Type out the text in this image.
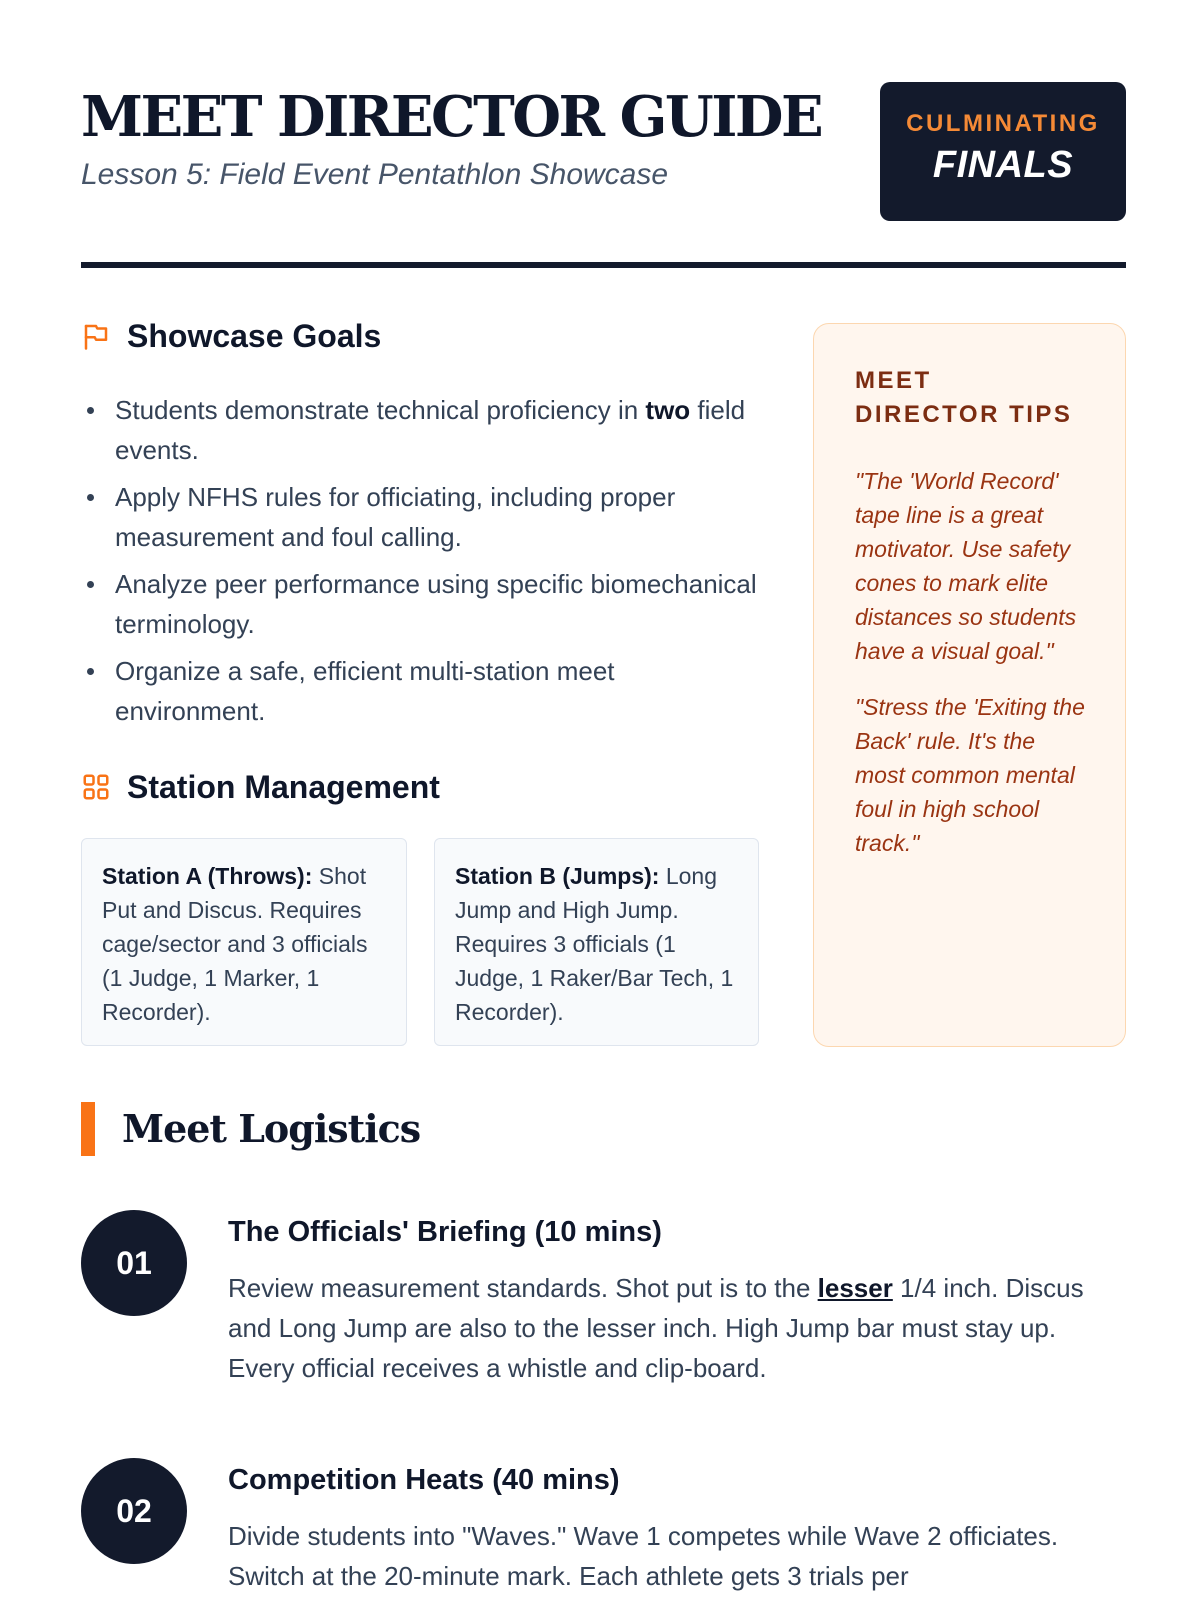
MEET DIRECTOR GUIDE

Lesson 5: Field Event Pentathlon Showcase

CULMINATING
FINALS
Showcase Goals
Students demonstrate technical proficiency in two field events.
Apply NFHS rules for officiating, including proper measurement and foul calling.
Analyze peer performance using specific biomechanical terminology.
Organize a safe, efficient multi-station meet environment.
Station Management
Station A (Throws): Shot Put and Discus. Requires cage/sector and 3 officials (1 Judge, 1 Marker, 1 Recorder).
Station B (Jumps): Long Jump and High Jump. Requires 3 officials (1 Judge, 1 Raker/Bar Tech, 1 Recorder).
MEET DIRECTOR TIPS

"The 'World Record' tape line is a great motivator. Use safety cones to mark elite distances so students have a visual goal."

"Stress the 'Exiting the Back' rule. It's the most common mental foul in high school track."

Meet Logistics
01
The Officials' Briefing (10 mins)

Review measurement standards. Shot put is to the lesser 1/4 inch. Discus and Long Jump are also to the lesser inch. High Jump bar must stay up. Every official receives a whistle and clip-board.

02
Competition Heats (40 mins)

Divide students into "Waves." Wave 1 competes while Wave 2 officiates. Switch at the 20-minute mark. Each athlete gets 3 trials per
